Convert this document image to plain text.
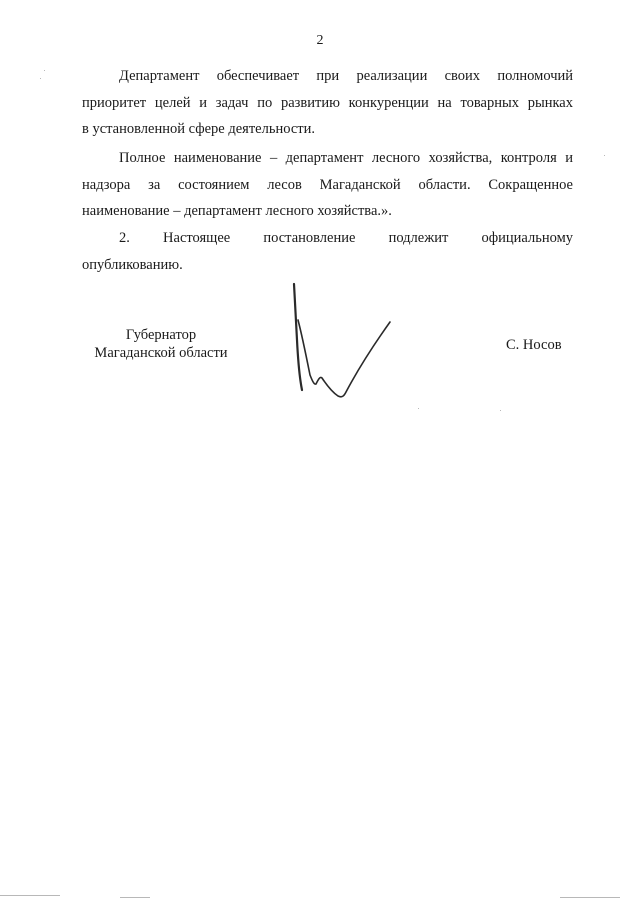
2
Департамент обеспечивает при реализации своих полномочий
приоритет целей и задач по развитию конкуренции на товарных рынках
в установленной сфере деятельности.
Полное наименование – департамент лесного хозяйства, контроля и
надзора за состоянием лесов Магаданской области. Сокращенное
наименование – департамент лесного хозяйства.».
2. Настоящее постановление подлежит официальному
опубликованию.
Губернатор
Магаданской области	С. Носов
